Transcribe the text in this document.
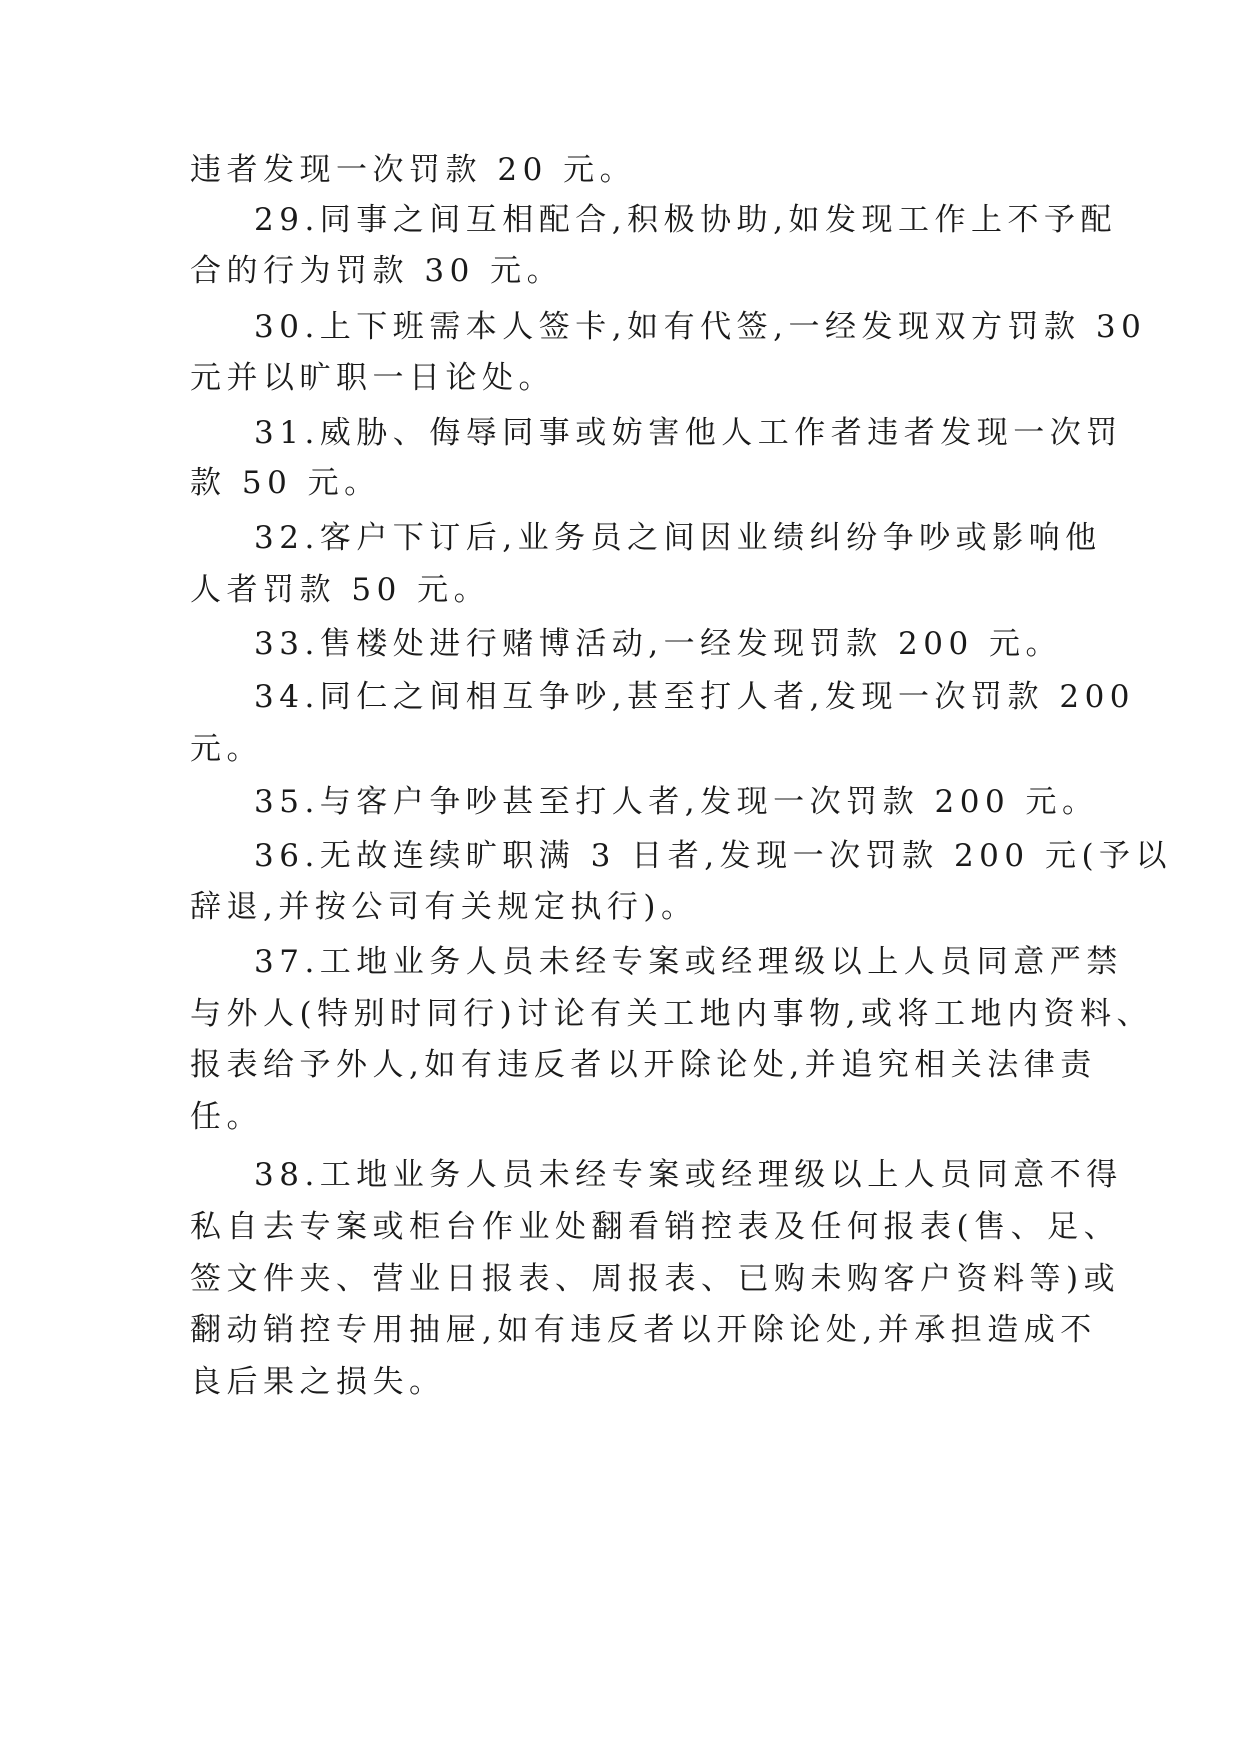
违者发现一次罚款 20 元。

29.同事之间互相配合,积极协助,如发现工作上不予配

合的行为罚款 30 元。

30.上下班需本人签卡,如有代签,一经发现双方罚款 30

元并以旷职一日论处。

31.威胁、侮辱同事或妨害他人工作者违者发现一次罚

款 50 元。

32.客户下订后,业务员之间因业绩纠纷争吵或影响他

人者罚款 50 元。

33.售楼处进行赌博活动,一经发现罚款 200 元。

34.同仁之间相互争吵,甚至打人者,发现一次罚款 200

元。

35.与客户争吵甚至打人者,发现一次罚款 200 元。

36.无故连续旷职满 3 日者,发现一次罚款 200 元(予以

辞退,并按公司有关规定执行)。

37.工地业务人员未经专案或经理级以上人员同意严禁

与外人(特别时同行)讨论有关工地内事物,或将工地内资料、

报表给予外人,如有违反者以开除论处,并追究相关法律责

任。

38.工地业务人员未经专案或经理级以上人员同意不得

私自去专案或柜台作业处翻看销控表及任何报表(售、足、

签文件夹、营业日报表、周报表、已购未购客户资料等)或

翻动销控专用抽屉,如有违反者以开除论处,并承担造成不

良后果之损失。
